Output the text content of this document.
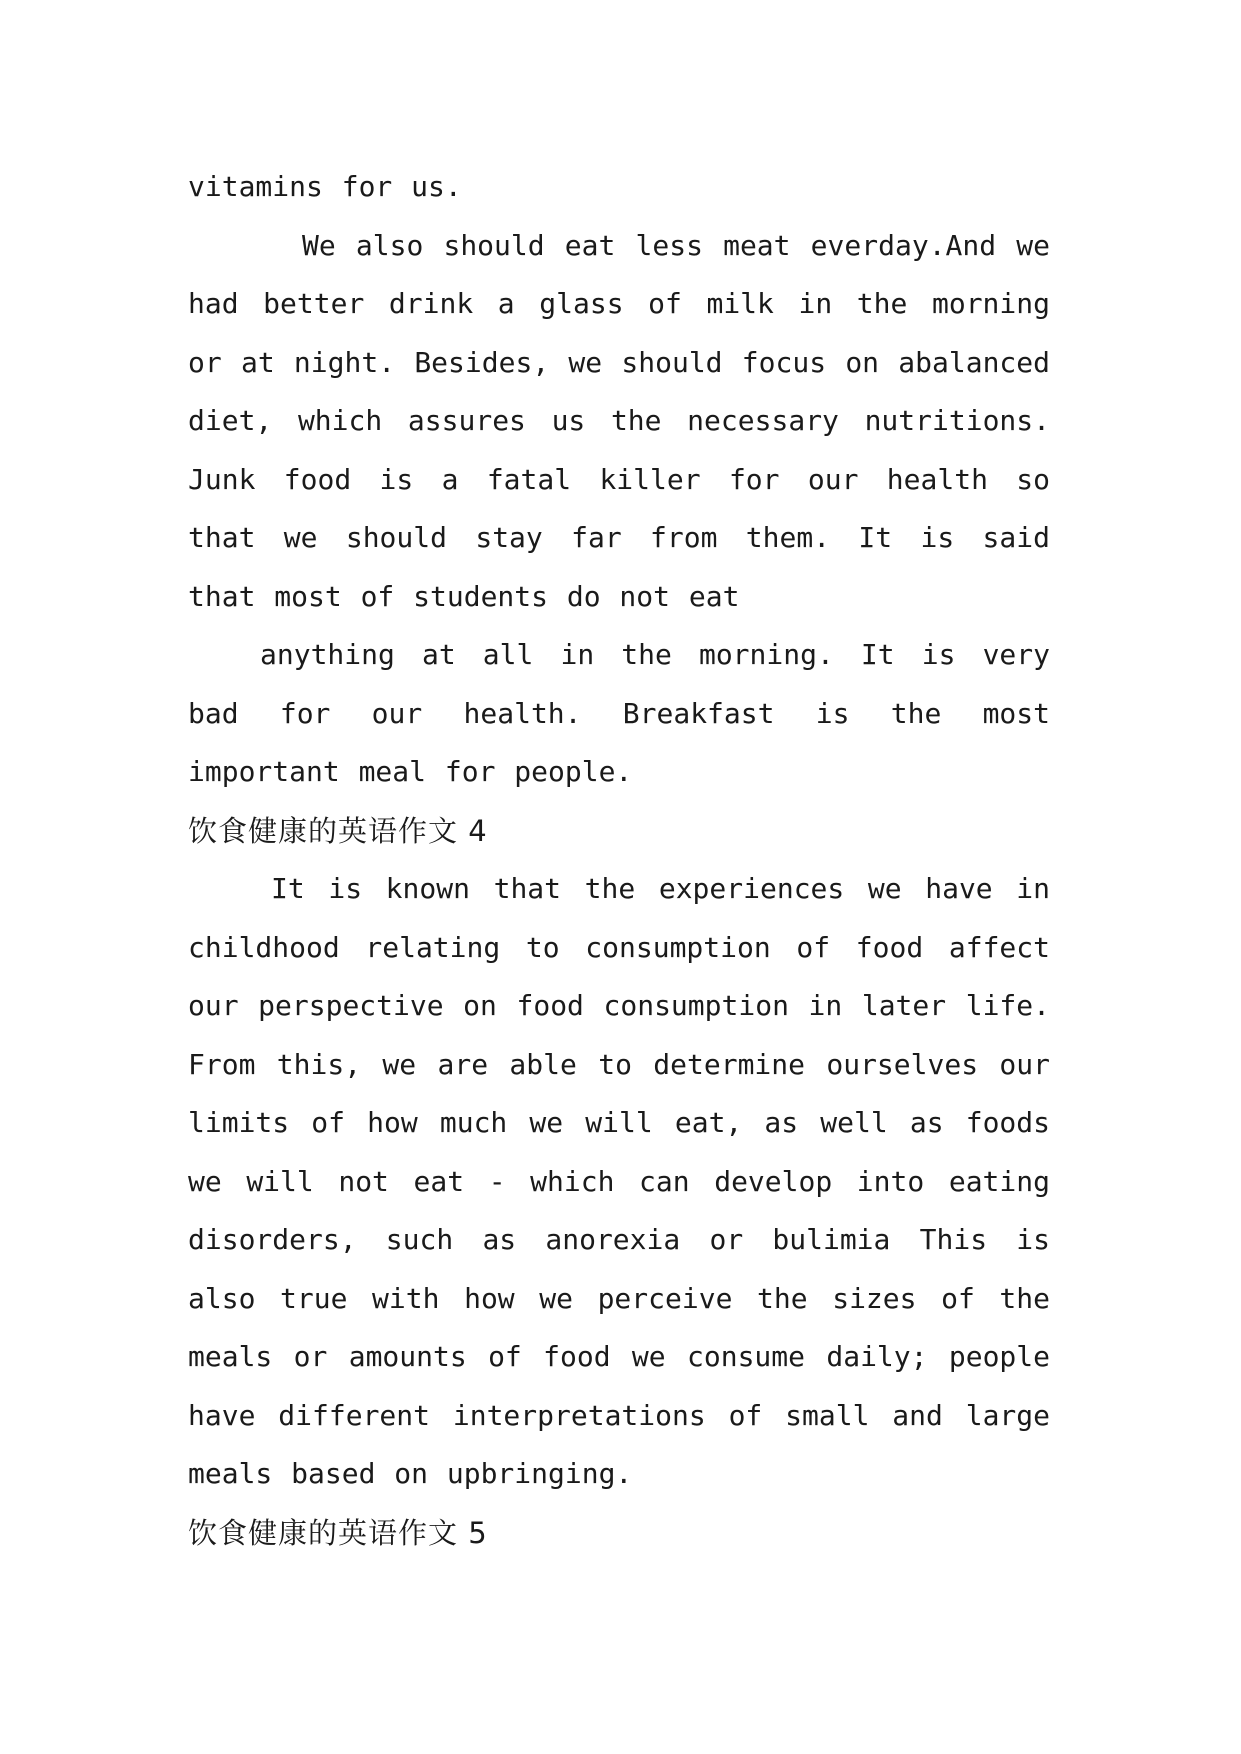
vitamins for us.

We also should eat less meat everday.And we had better drink a glass of milk in the morning or at night. Besides, we should focus on abalanced diet, which assures us the necessary nutritions. Junk food is a fatal killer for our health so that we should stay far from them. It is said that most of students do not eat

anything at all in the morning. It is very bad for our health. Breakfast is the most important meal for people.

饮食健康的英语作文 4

It is known that the experiences we have in childhood relating to consumption of food affect our perspective on food consumption in later life. From this, we are able to determine ourselves our limits of how much we will eat, as well as foods we will not eat - which can develop into eating disorders, such as anorexia or bulimia This is also true with how we perceive the sizes of the meals or amounts of food we consume daily; people have different interpretations of small and large meals based on upbringing.

饮食健康的英语作文 5
